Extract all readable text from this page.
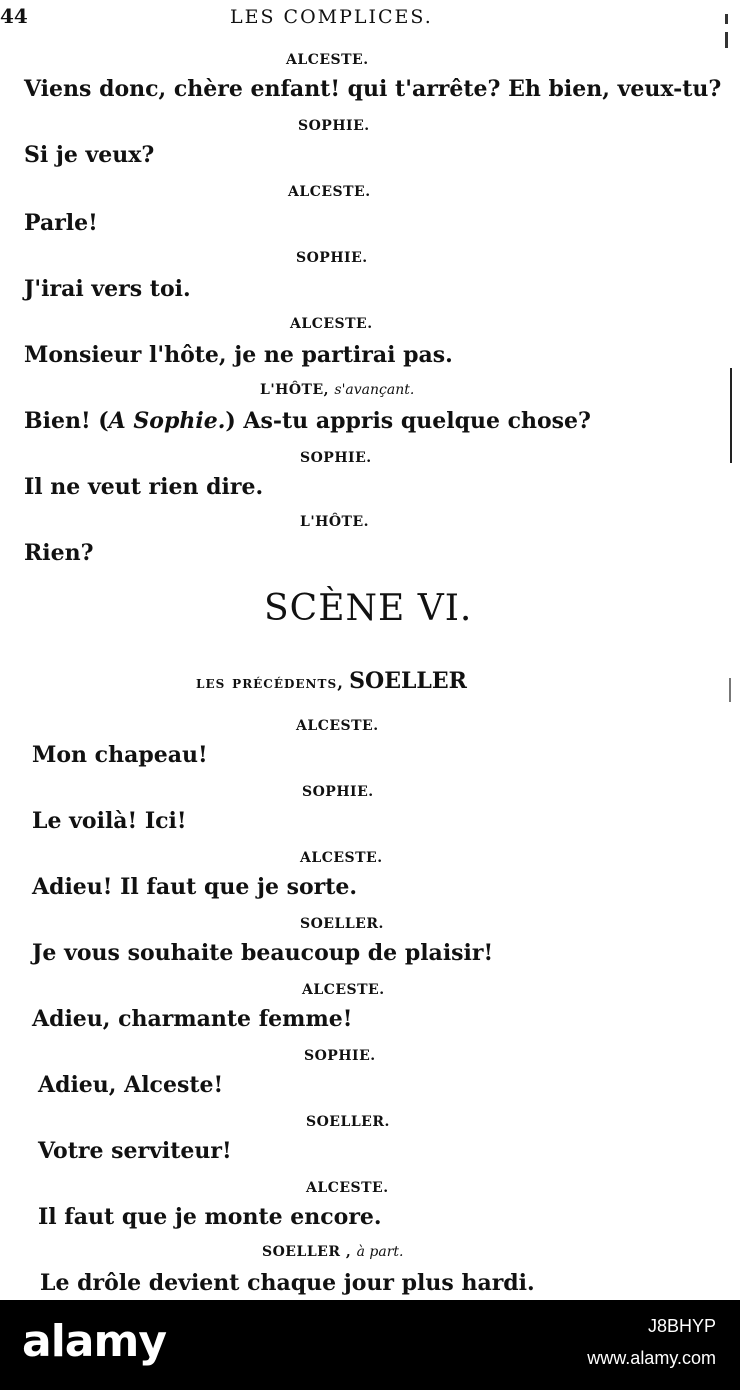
44	LES COMPLICES.
ALCESTE.
Viens donc, chère enfant! qui t'arrête? Eh bien, veux-tu?
SOPHIE.
Si je veux?
ALCESTE.
Parle!
SOPHIE.
J'irai vers toi.
ALCESTE.
Monsieur l'hôte, je ne partirai pas.
L'HÔTE, s'avançant.
Bien! (A Sophie.) As-tu appris quelque chose?
SOPHIE.
Il ne veut rien dire.
L'HÔTE.
Rien?
SCÈNE VI.
les précédents, SOELLER
ALCESTE.
Mon chapeau!
SOPHIE.
Le voilà! Ici!
ALCESTE.
Adieu! Il faut que je sorte.
SOELLER.
Je vous souhaite beaucoup de plaisir!
ALCESTE.
Adieu, charmante femme!
SOPHIE.
Adieu, Alceste!
SOELLER.
Votre serviteur!
ALCESTE.
Il faut que je monte encore.
SOELLER , à part.
Le drôle devient chaque jour plus hardi.
alamy	J8BHYP
www.alamy.com
